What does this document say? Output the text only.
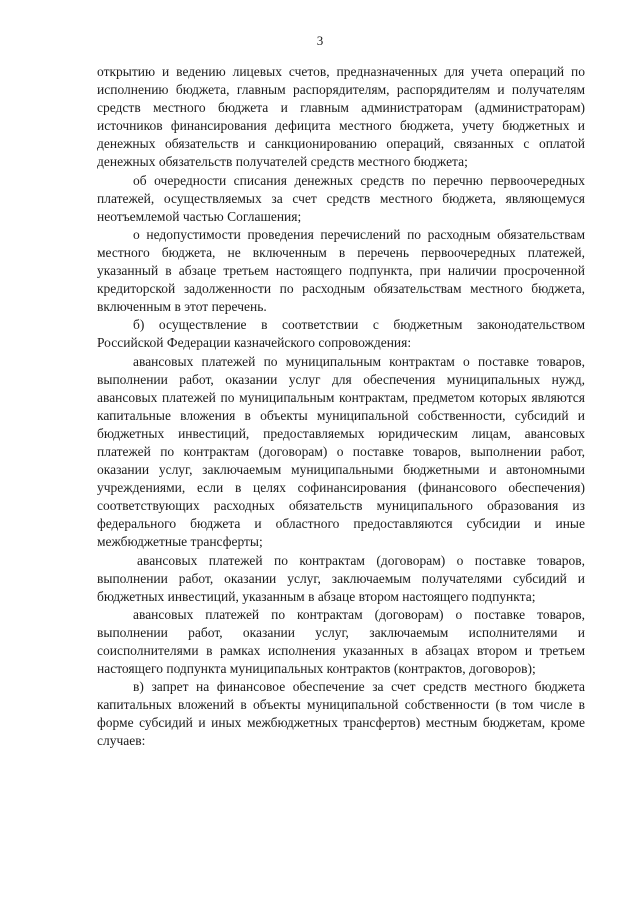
3

открытию и ведению лицевых счетов, предназначенных для учета операций по исполнению бюджета, главным распорядителям, распорядителям и получателям средств местного бюджета и главным администраторам (администраторам) источников финансирования дефицита местного бюджета, учету бюджетных и денежных обязательств и санкционированию операций, связанных с оплатой денежных обязательств получателей средств местного бюджета;

об очередности списания денежных средств по перечню первоочередных платежей, осуществляемых за счет средств местного бюджета, являющемуся неотъемлемой частью Соглашения;

о недопустимости проведения перечислений по расходным обязательствам местного бюджета, не включенным в перечень первоочередных платежей, указанный в абзаце третьем настоящего подпункта, при наличии просроченной кредиторской задолженности по расходным обязательствам местного бюджета, включенным в этот перечень.

б) осуществление в соответствии с бюджетным законодательством Российской Федерации казначейского сопровождения:

авансовых платежей по муниципальным контрактам о поставке товаров, выполнении работ, оказании услуг для обеспечения муниципальных нужд, авансовых платежей по муниципальным контрактам, предметом которых являются капитальные вложения в объекты муниципальной собственности, субсидий и бюджетных инвестиций, предоставляемых юридическим лицам, авансовых платежей по контрактам (договорам) о поставке товаров, выполнении работ, оказании услуг, заключаемым муниципальными бюджетными и автономными учреждениями, если в целях софинансирования (финансового обеспечения) соответствующих расходных обязательств муниципального образования из федерального бюджета и областного предоставляются субсидии и иные межбюджетные трансферты;

авансовых платежей по контрактам (договорам) о поставке товаров, выполнении работ, оказании услуг, заключаемым получателями субсидий и бюджетных инвестиций, указанным в абзаце втором настоящего подпункта;

авансовых платежей по контрактам (договорам) о поставке товаров, выполнении работ, оказании услуг, заключаемым исполнителями и соисполнителями в рамках исполнения указанных в абзацах втором и третьем настоящего подпункта муниципальных контрактов (контрактов, договоров);

в) запрет на финансовое обеспечение за счет средств местного бюджета капитальных вложений в объекты муниципальной собственности (в том числе в форме субсидий и иных межбюджетных трансфертов) местным бюджетам, кроме случаев:
